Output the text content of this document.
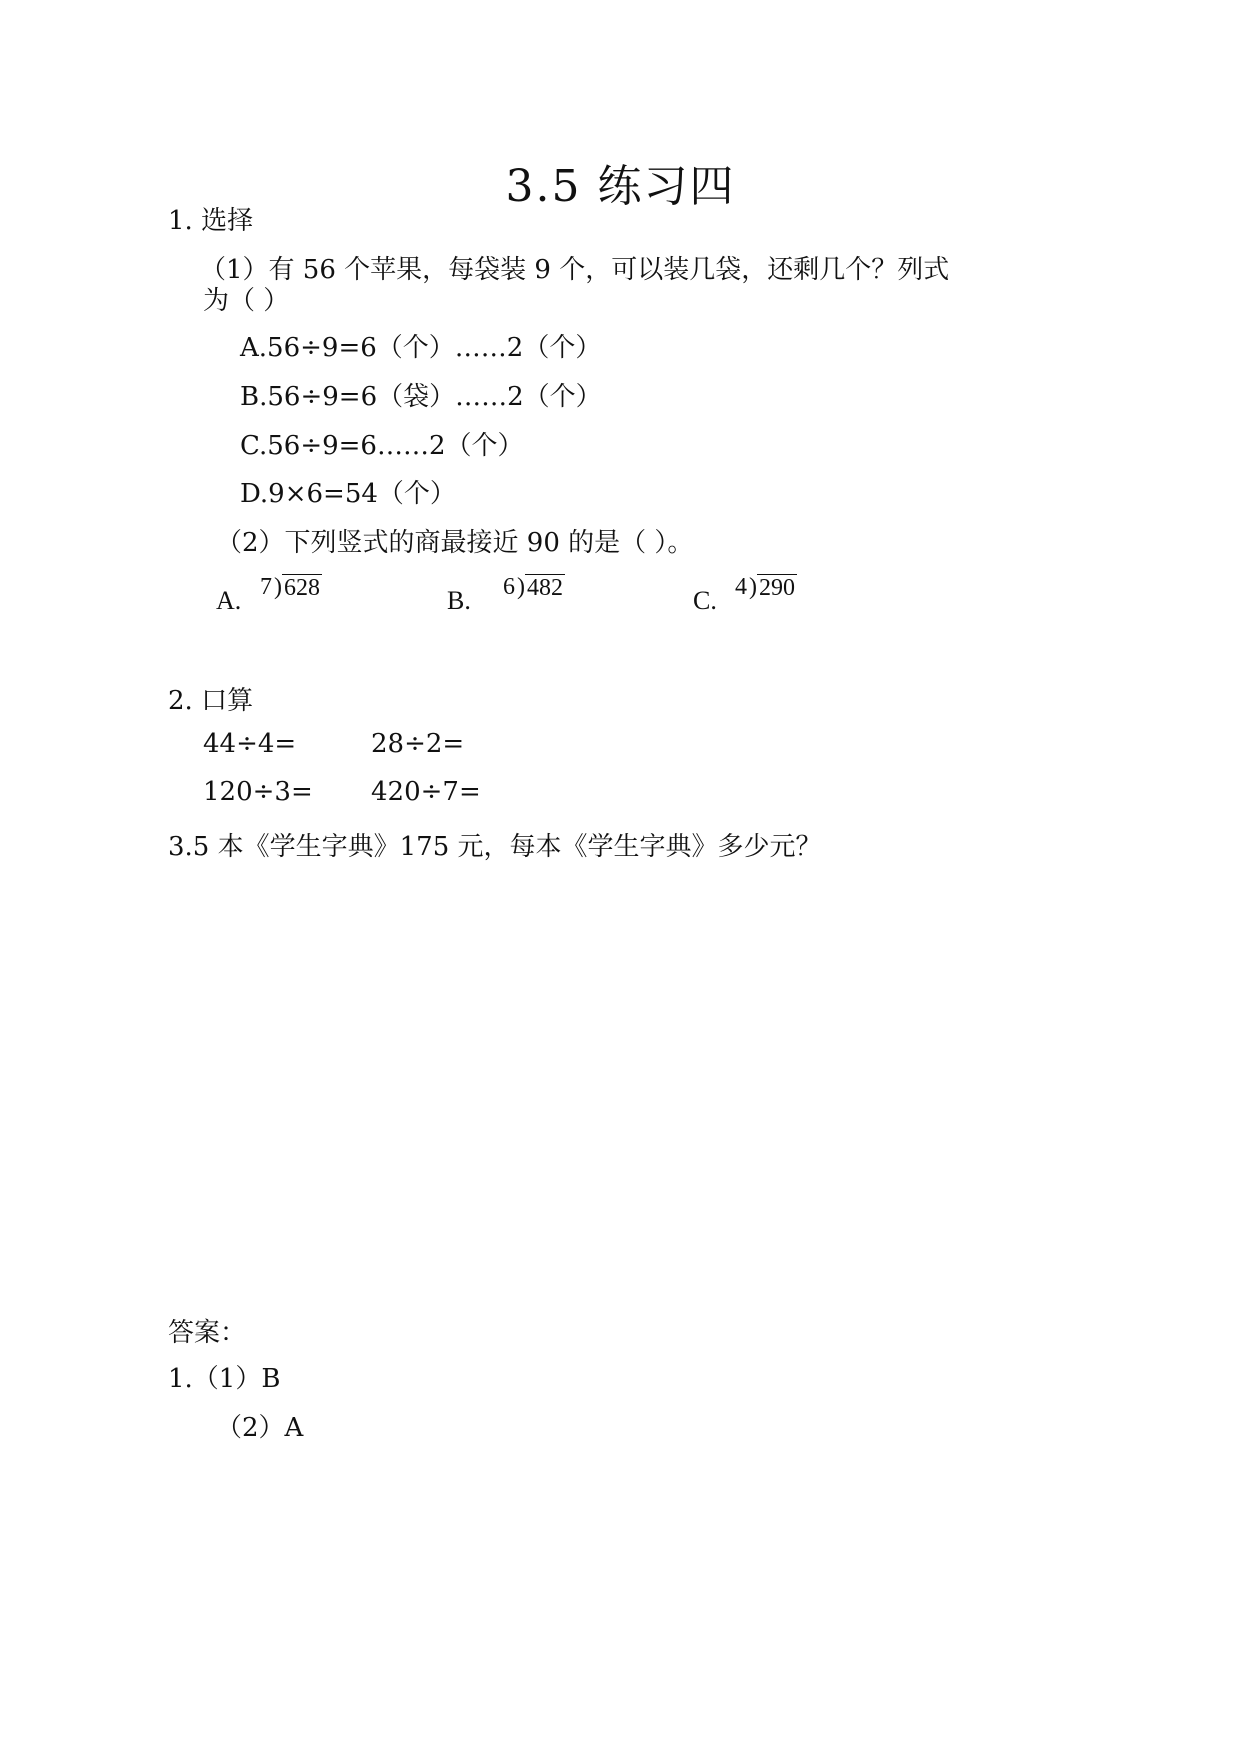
3.5 练习四
1. 选择
（1）有 56 个苹果，每袋装 9 个，可以装几袋，还剩几个？列式
为（ ）
A.56÷9=6（个）……2（个）
B.56÷9=6（袋）……2（个）
C.56÷9=6……2（个）
D.9×6=54（个）
（2）下列竖式的商最接近 90 的是（ ）。
A. 7 ) 628	B. 6 ) 482	C. 4 ) 290
2. 口算
44÷4=	28÷2=
120÷3= 420÷7=
3.5 本《学生字典》175 元，每本《学生字典》多少元？
答案：
1.（1）B
（2）A
